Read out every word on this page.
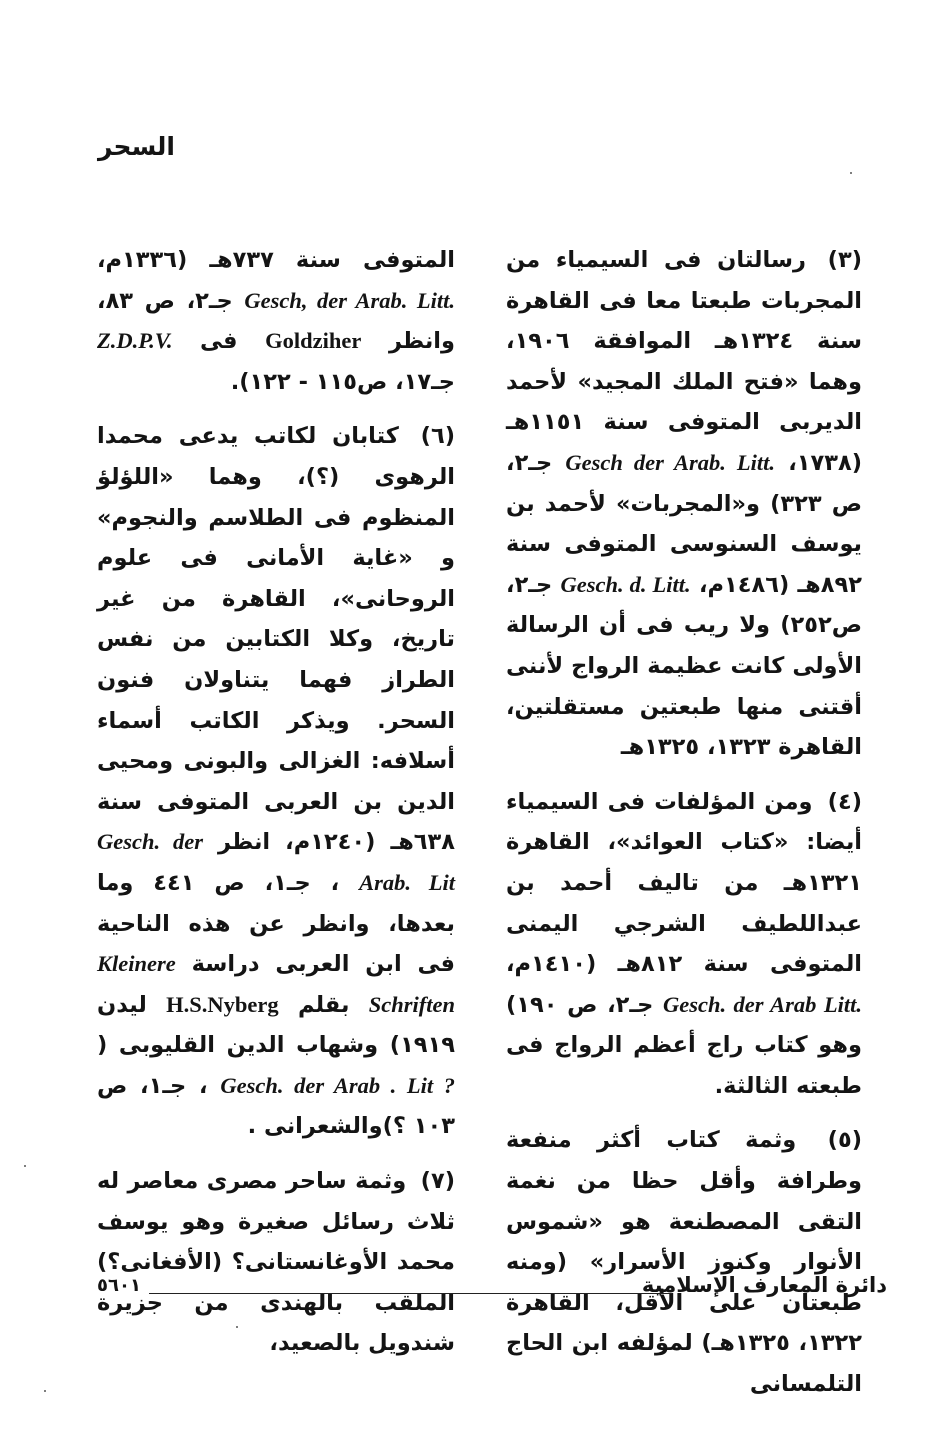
السحر

(٣) رسالتان فى السيمياء من المجربات طبعتا معا فى القاهرة سنة ١٣٢٤هـ الموافقة ١٩٠٦، وهما «فتح الملك المجيد» لأحمد الديربى المتوفى سنة ١١٥١هـ (١٧٣٨، Gesch der Arab. Litt. جـ٢، ص ٣٢٣) و«المجربات» لأحمد بن يوسف السنوسى المتوفى سنة ٨٩٢هـ (١٤٨٦م، Gesch. d. Litt. جـ٢، ص٢٥٢) ولا ريب فى أن الرسالة الأولى كانت عظيمة الرواج لأننى أقتنى منها طبعتين مستقلتين، القاهرة ١٣٢٣، ١٣٢٥هـ

(٤) ومن المؤلفات فى السيمياء أيضا: «كتاب العوائد»، القاهرة ١٣٢١هـ من تاليف أحمد بن عبداللطيف الشرجي اليمنى المتوفى سنة ٨١٢هـ (١٤١٠م، Gesch. der Arab Litt. جـ٢، ص ١٩٠) وهو كتاب راج أعظم الرواج فى طبعته الثالثة.

(٥) وثمة كتاب أكثر منفعة وطرافة وأقل حظا من نغمة التقى المصطنعة هو «شموس الأنوار وكنوز الأسرار» (ومنه طبعتان على الأقل، القاهرة ١٣٢٢، ١٣٢٥هـ) لمؤلفه ابن الحاج التلمسانى

المتوفى سنة ٧٣٧هـ (١٣٣٦م، Gesch, der Arab. Litt. جـ٢، ص ٨٣، وانظر Goldziher فى Z.D.P.V. جـ١٧، ص١١٥ - ١٢٢).

(٦) كتابان لكاتب يدعى محمدا الرهوى (؟)، وهما «اللؤلؤ المنظوم فى الطلاسم والنجوم» و «غاية الأمانى فى علوم الروحانى»، القاهرة من غير تاريخ، وكلا الكتابين من نفس الطراز فهما يتناولان فنون السحر. ويذكر الكاتب أسماء أسلافه: الغزالى والبونى ومحيى الدين بن العربى المتوفى سنة ٦٣٨هـ (١٢٤٠م، انظر Gesch. der Arab. Lit ، جـ١، ص ٤٤١ وما بعدها، وانظر عن هذه الناحية فى ابن العربى دراسة Kleinere Schriften بقلم H.S.Nyberg ليدن ١٩١٩) وشهاب الدين القليوبى ( Gesch. der Arab . Lit ? ، جـ١، ص ١٠٣ ؟)والشعرانى .

(٧) وثمة ساحر مصرى معاصر له ثلاث رسائل صغيرة وهو يوسف محمد الأوغانستانى؟ (الأفغانى؟) الملقب بالهندى من جزيرة شندويل بالصعيد،

٥٦٠١	دائرة المعارف الإسلامية
